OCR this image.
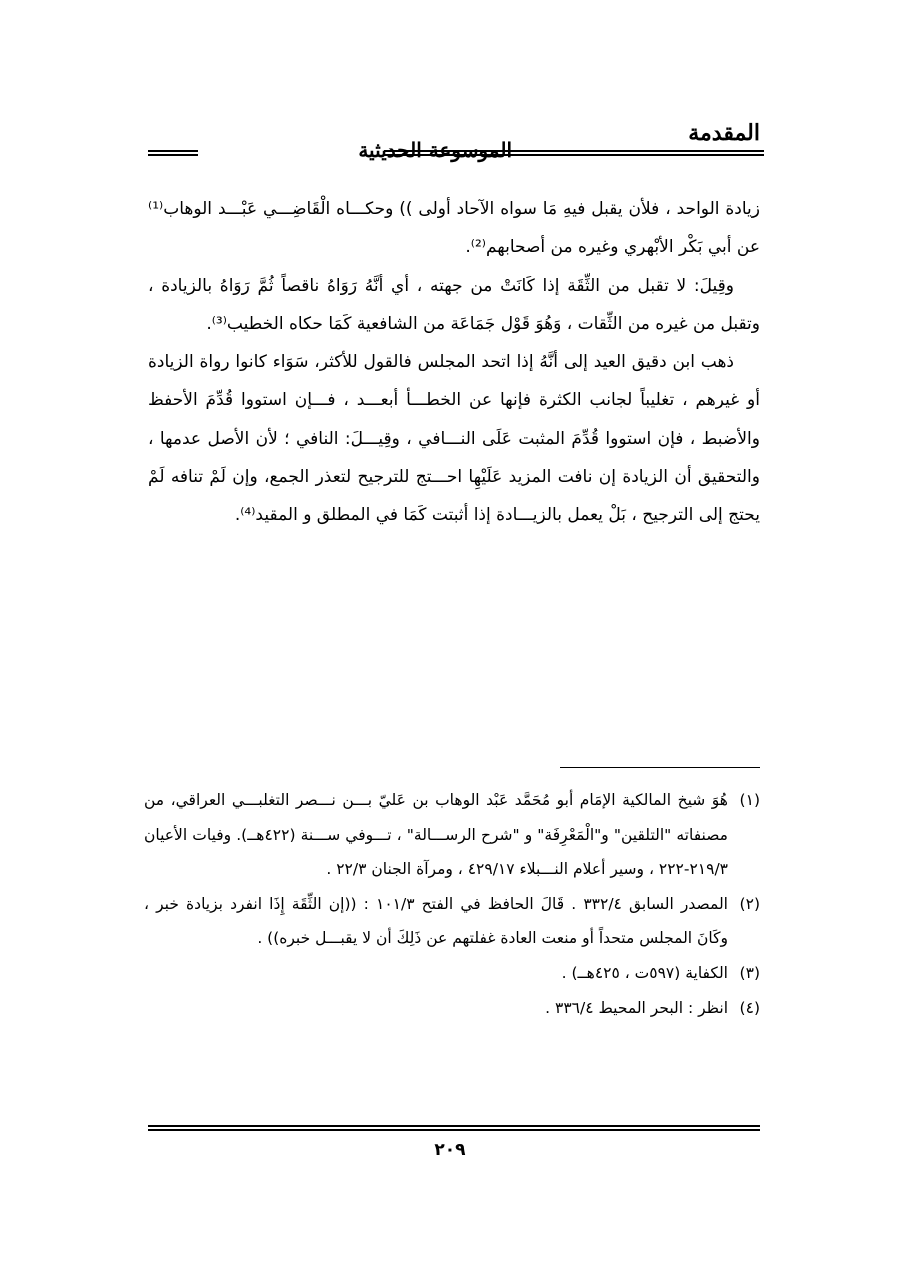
المقدمة
الموسوعة الحديثية

زيادة الواحد ، فلأن يقبل فيهِ مَا سواه الآحاد أولى )) وحكـــاه الْقَاضِـــي عَبْـــد الوهاب⁽¹⁾ عن أبي بَكْر الأبْهري وغيره من أصحابهم⁽²⁾.

وقِيلَ: لا تقبل من الثِّقَة إذا كَانَتْ من جهته ، أي أنَّهُ رَوَاهُ ناقصاً ثُمَّ رَوَاهُ بالزيادة ، وتقبل من غيره من الثِّقات ، وَهُوَ قَوْل جَمَاعَة من الشافعية كَمَا حكاه الخطيب⁽³⁾.

ذهب ابن دقيق العيد إلى أنَّهُ إذا اتحد المجلس فالقول للأكثر، سَوَاء كانوا رواة الزيادة أو غيرهم ، تغليباً لجانب الكثرة فإنها عن الخطـــأ أبعـــد ، فـــإن استووا قُدِّمَ الأحفظ والأضبط ، فإن استووا قُدِّمَ المثبت عَلَى النـــافي ، وقِيـــلَ: النافي ؛ لأن الأصل عدمها ، والتحقيق أن الزيادة إن نافت المزيد عَلَيْهِا احـــتج للترجيح لتعذر الجمع، وإن لَمْ تنافه لَمْ يحتج إلى الترجيح ، بَلْ يعمل بالزيـــادة إذا أثبتت كَمَا في المطلق و المقيد⁽⁴⁾.

(١)
هُوَ شيخ المالكية الإمَام أبو مُحَمَّد عَبْد الوهاب بن عَليّ بـــن نـــصر التغلبـــي العراقي، من مصنفاته "التلقين" و"الْمَعْرِفَة" و "شرح الرســـالة" ، تـــوفي ســـنة (٤٢٢هــ). وفيات الأعيان ٢١٩/٣-٢٢٢ ، وسير أعلام النـــبلاء ٤٢٩/١٧ ، ومرآة الجنان ٢٢/٣ .
(٢)
المصدر السابق ٣٣٢/٤ . قَالَ الحافظ في الفتح ١٠١/٣ : ((إن الثِّقَة إِذَا انفرد بزيادة خبر ، وكَانَ المجلس متحداً أو منعت العادة غفلتهم عن ذَلِكَ أن لا يقبـــل خبره)) .
(٣)
الكفاية (٥٩٧ت ، ٤٢٥هــ) .
(٤)
انظر : البحر المحيط ٣٣٦/٤ .
٢٠٩
